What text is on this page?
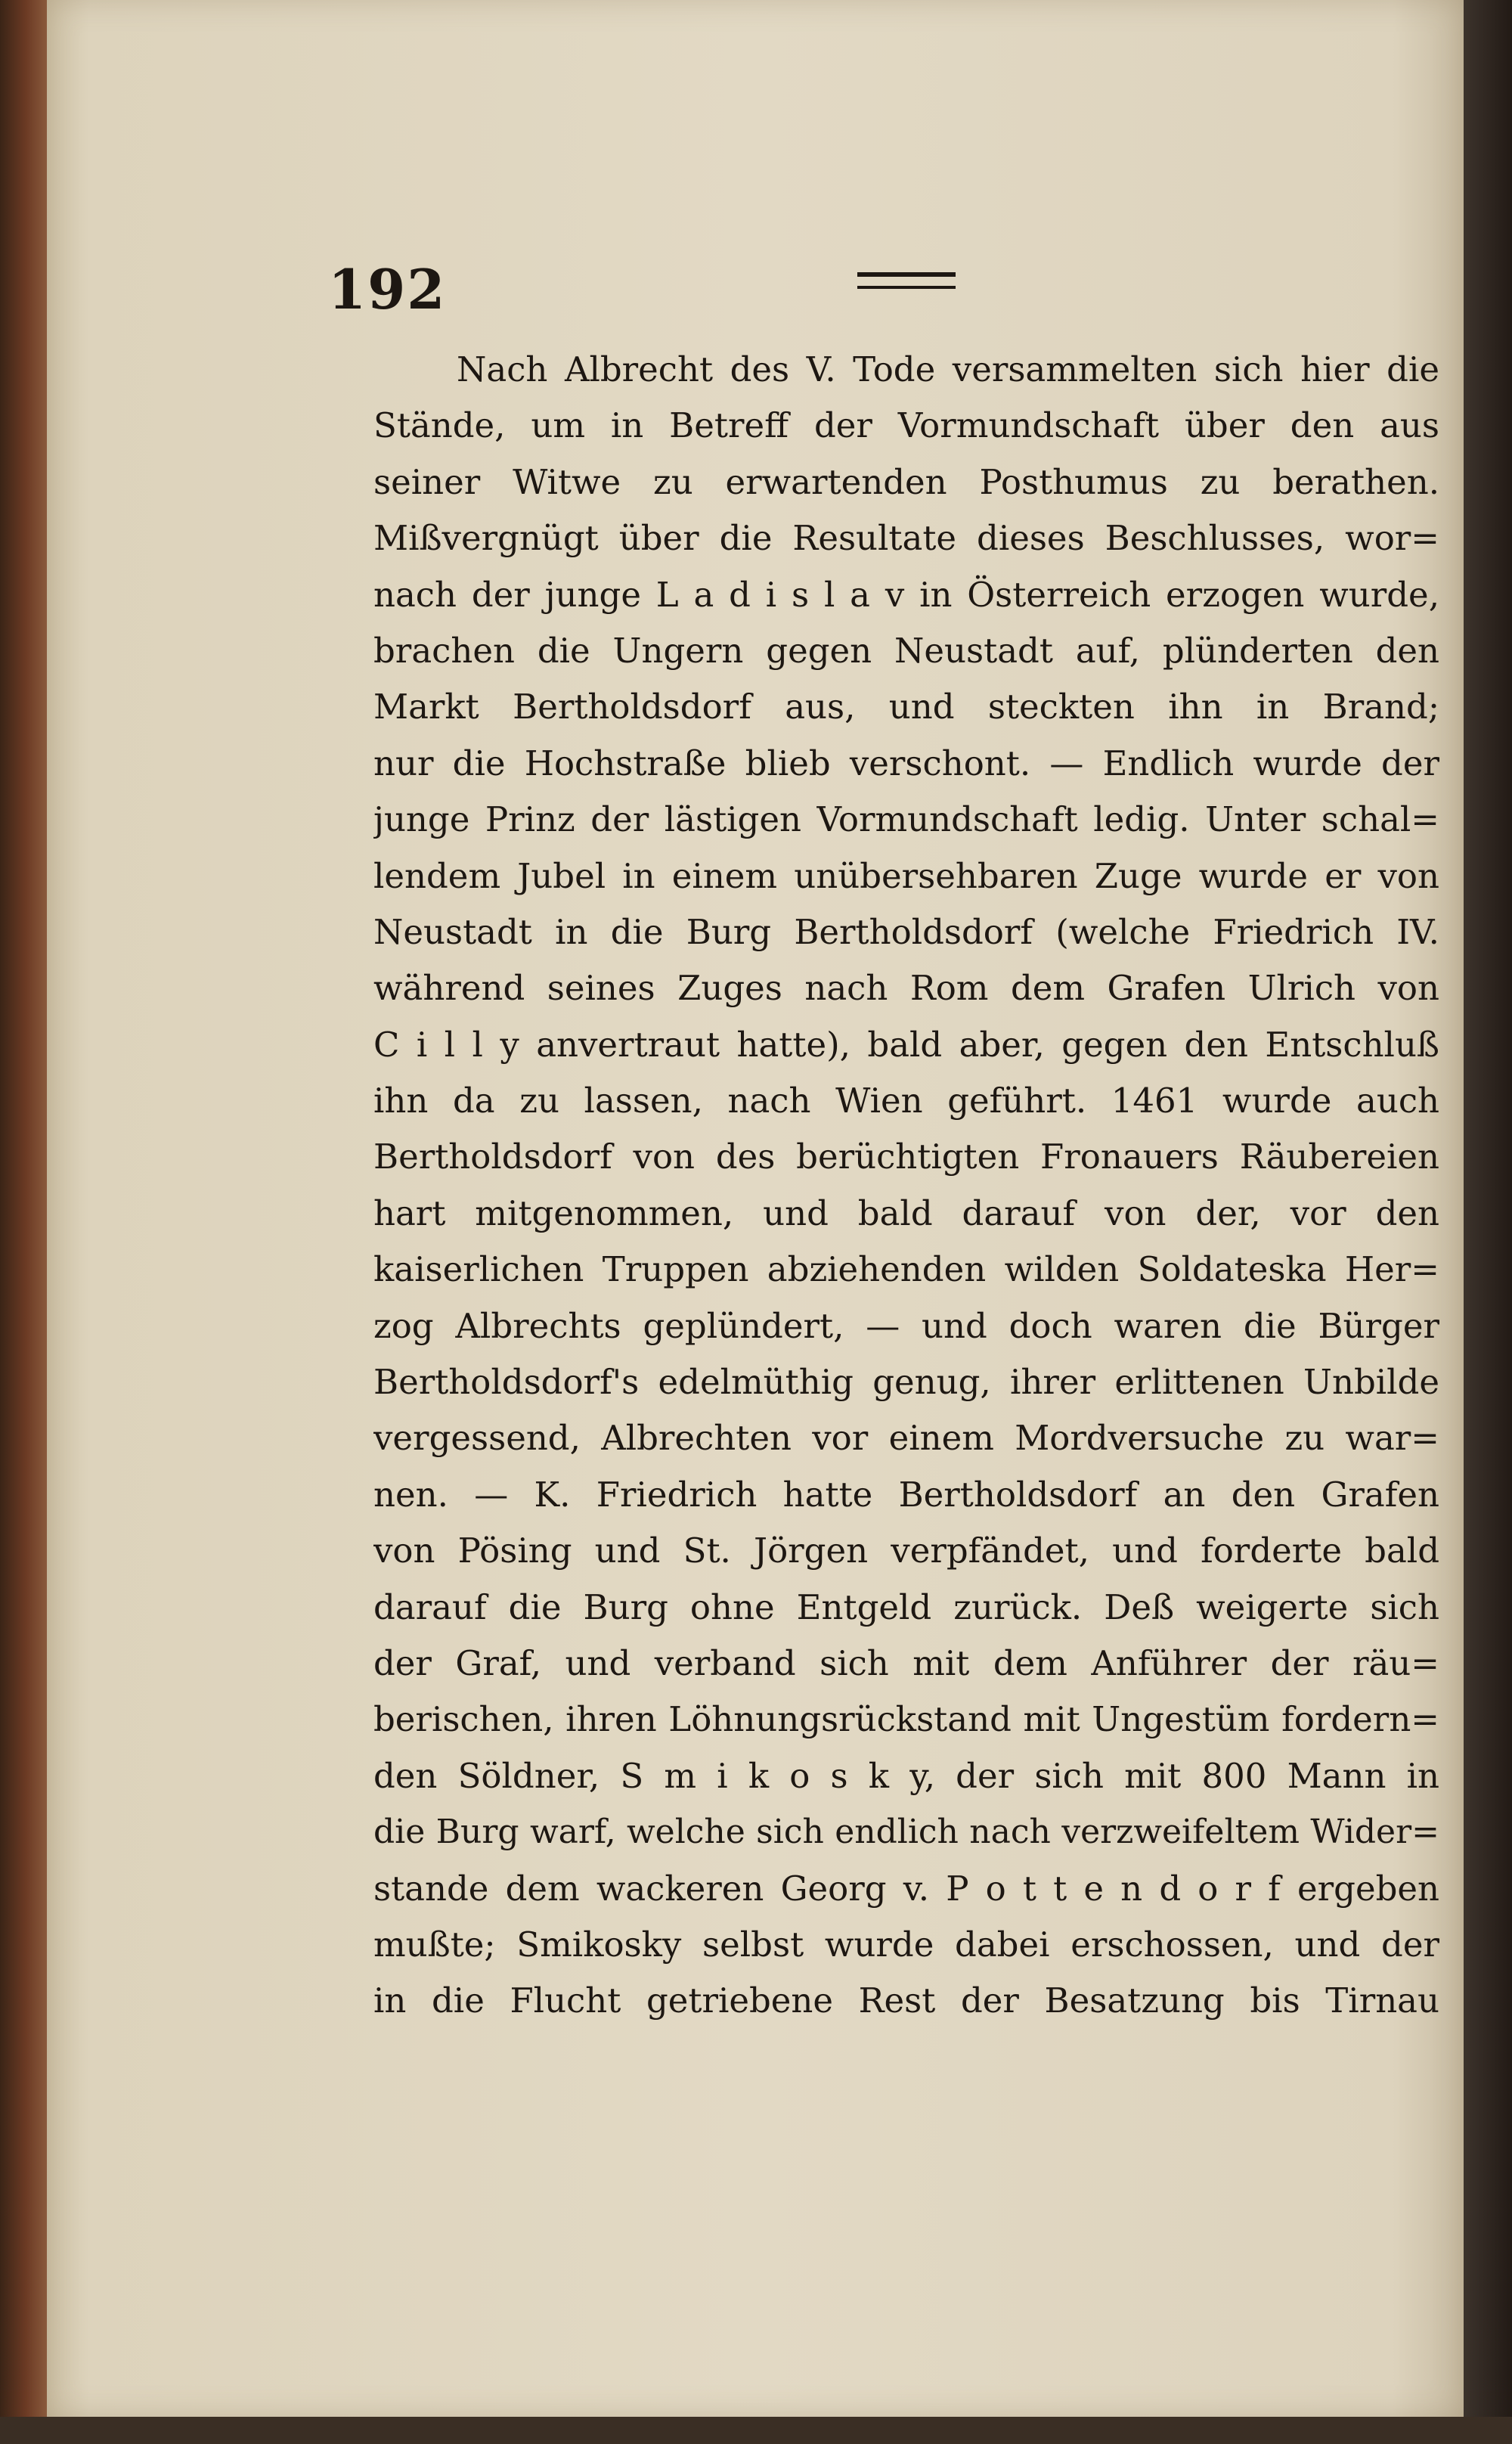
192
Nach Albrecht des V. Tode versammelten sich hier die
Stände, um in Betreff der Vormundschaft über den aus
seiner Witwe zu erwartenden Posthumus zu berathen.
Mißvergnügt über die Resultate dieses Beschlusses, wor=
nach der junge L a d i s l a v in Österreich erzogen wurde,
brachen die Ungern gegen Neustadt auf, plünderten den
Markt Bertholdsdorf aus, und steckten ihn in Brand;
nur die Hochstraße blieb verschont. — Endlich wurde der
junge Prinz der lästigen Vormundschaft ledig. Unter schal=
lendem Jubel in einem unübersehbaren Zuge wurde er von
Neustadt in die Burg Bertholdsdorf (welche Friedrich IV.
während seines Zuges nach Rom dem Grafen Ulrich von
C i l l y anvertraut hatte), bald aber, gegen den Entschluß
ihn da zu lassen, nach Wien geführt. 1461 wurde auch
Bertholdsdorf von des berüchtigten Fronauers Räubereien
hart mitgenommen, und bald darauf von der, vor den
kaiserlichen Truppen abziehenden wilden Soldateska Her=
zog Albrechts geplündert, — und doch waren die Bürger
Bertholdsdorf's edelmüthig genug, ihrer erlittenen Unbilde
vergessend, Albrechten vor einem Mordversuche zu war=
nen. — K. Friedrich hatte Bertholdsdorf an den Grafen
von Pösing und St. Jörgen verpfändet, und forderte bald
darauf die Burg ohne Entgeld zurück. Deß weigerte sich
der Graf, und verband sich mit dem Anführer der räu=
berischen, ihren Löhnungsrückstand mit Ungestüm fordern=
den Söldner, S m i k o s k y, der sich mit 800 Mann in
die Burg warf, welche sich endlich nach verzweifeltem Wider=
stande dem wackeren Georg v. P o t t e n d o r f ergeben
mußte; Smikosky selbst wurde dabei erschossen, und der
in die Flucht getriebene Rest der Besatzung bis Tirnau
